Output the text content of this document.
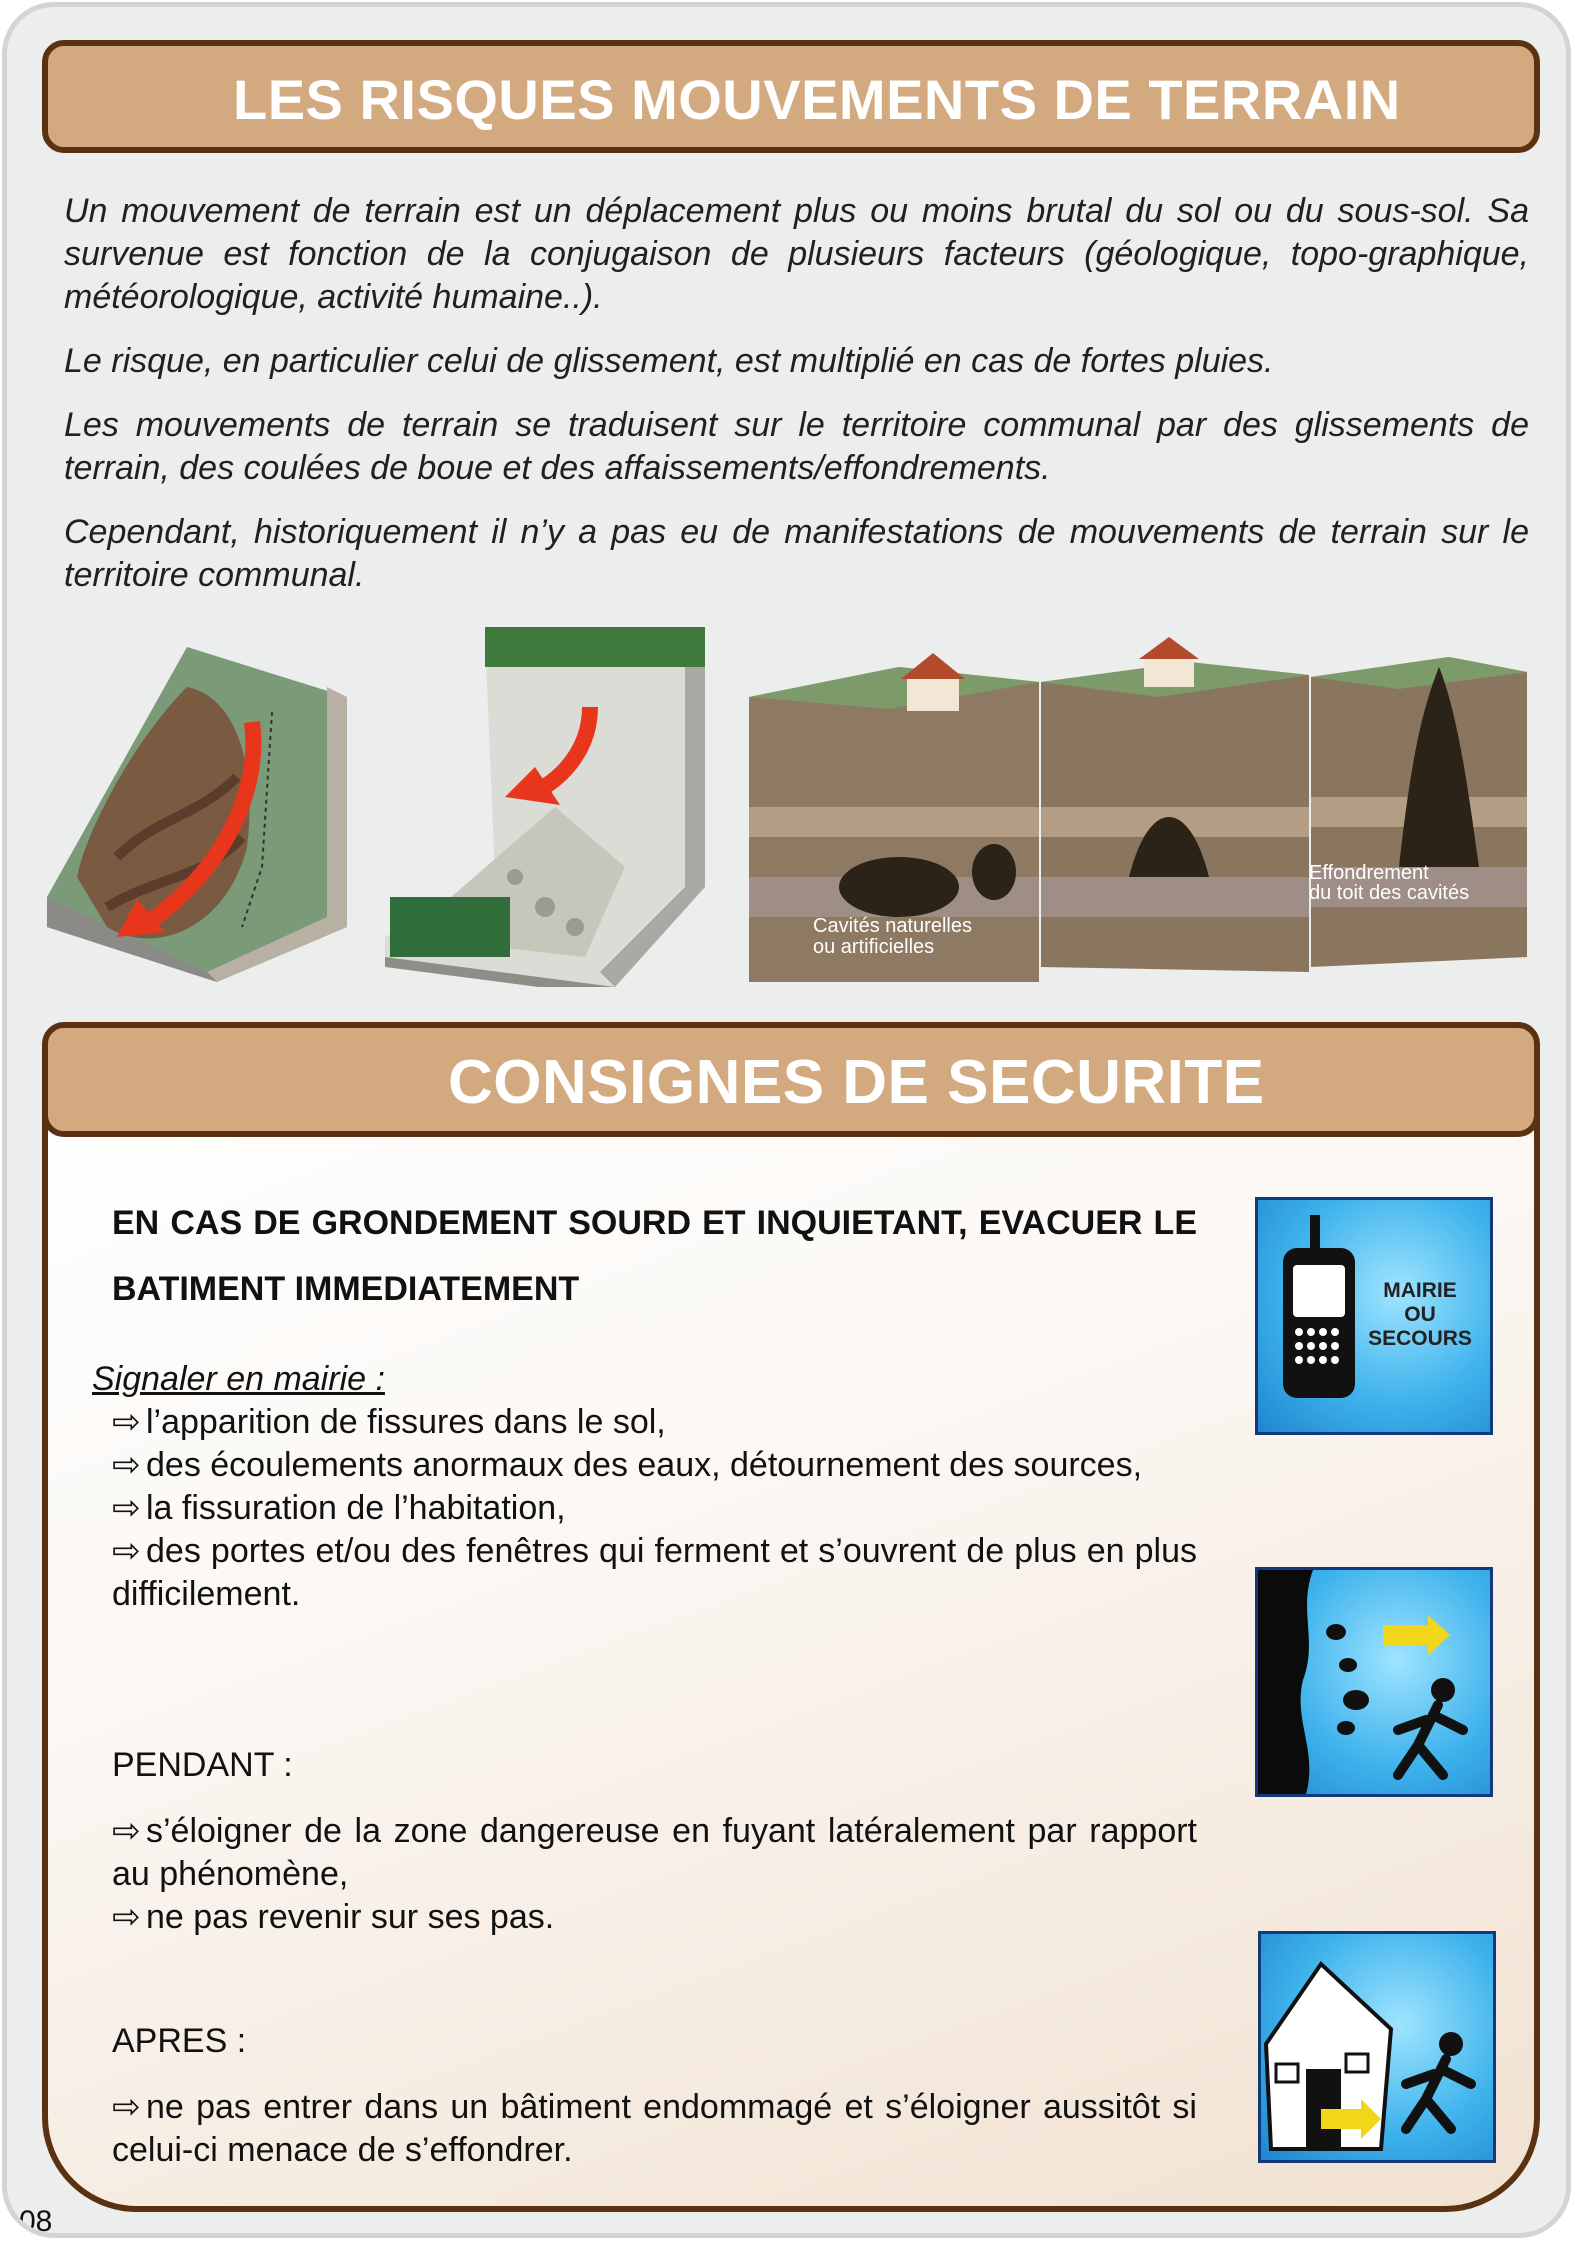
LES RISQUES MOUVEMENTS DE TERRAIN

Un mouvement de terrain est un déplacement plus ou moins brutal du sol ou du sous-sol. Sa survenue est fonction de la conjugaison de plusieurs facteurs (géologique, topo-graphique, météorologique, activité humaine..).

Le risque, en particulier celui de glissement, est multiplié en cas de fortes pluies.

Les mouvements de terrain se traduisent sur le territoire communal par des glissements de terrain, des coulées de boue et des affaissements/effondrements.

Cependant, historiquement il n’y a pas eu de manifestations de mouvements de terrain sur le territoire communal.

Cavités naturelles
ou artificielles
Effondrement
du toit des cavités
CONSIGNES DE SECURITE
EN CAS DE GRONDEMENT SOURD ET INQUIETANT, EVACUER LE BATIMENT IMMEDIATEMENT
Signaler en mairie :
⇨ l’apparition de fissures dans le sol,
⇨ des écoulements anormaux des eaux, détournement des sources,
⇨ la fissuration de l’habitation,
⇨ des portes et/ou des fenêtres qui ferment et s’ouvrent de plus en plus difficilement.
PENDANT :
⇨ s’éloigner de la zone dangereuse en fuyant latéralement par rapport au phénomène,
⇨ ne pas revenir sur ses pas.
APRES :
⇨ ne pas entrer dans un bâtiment endommagé et s’éloigner aussitôt si celui-ci menace de s’effondrer.
MAIRIE
OU
SECOURS
08
